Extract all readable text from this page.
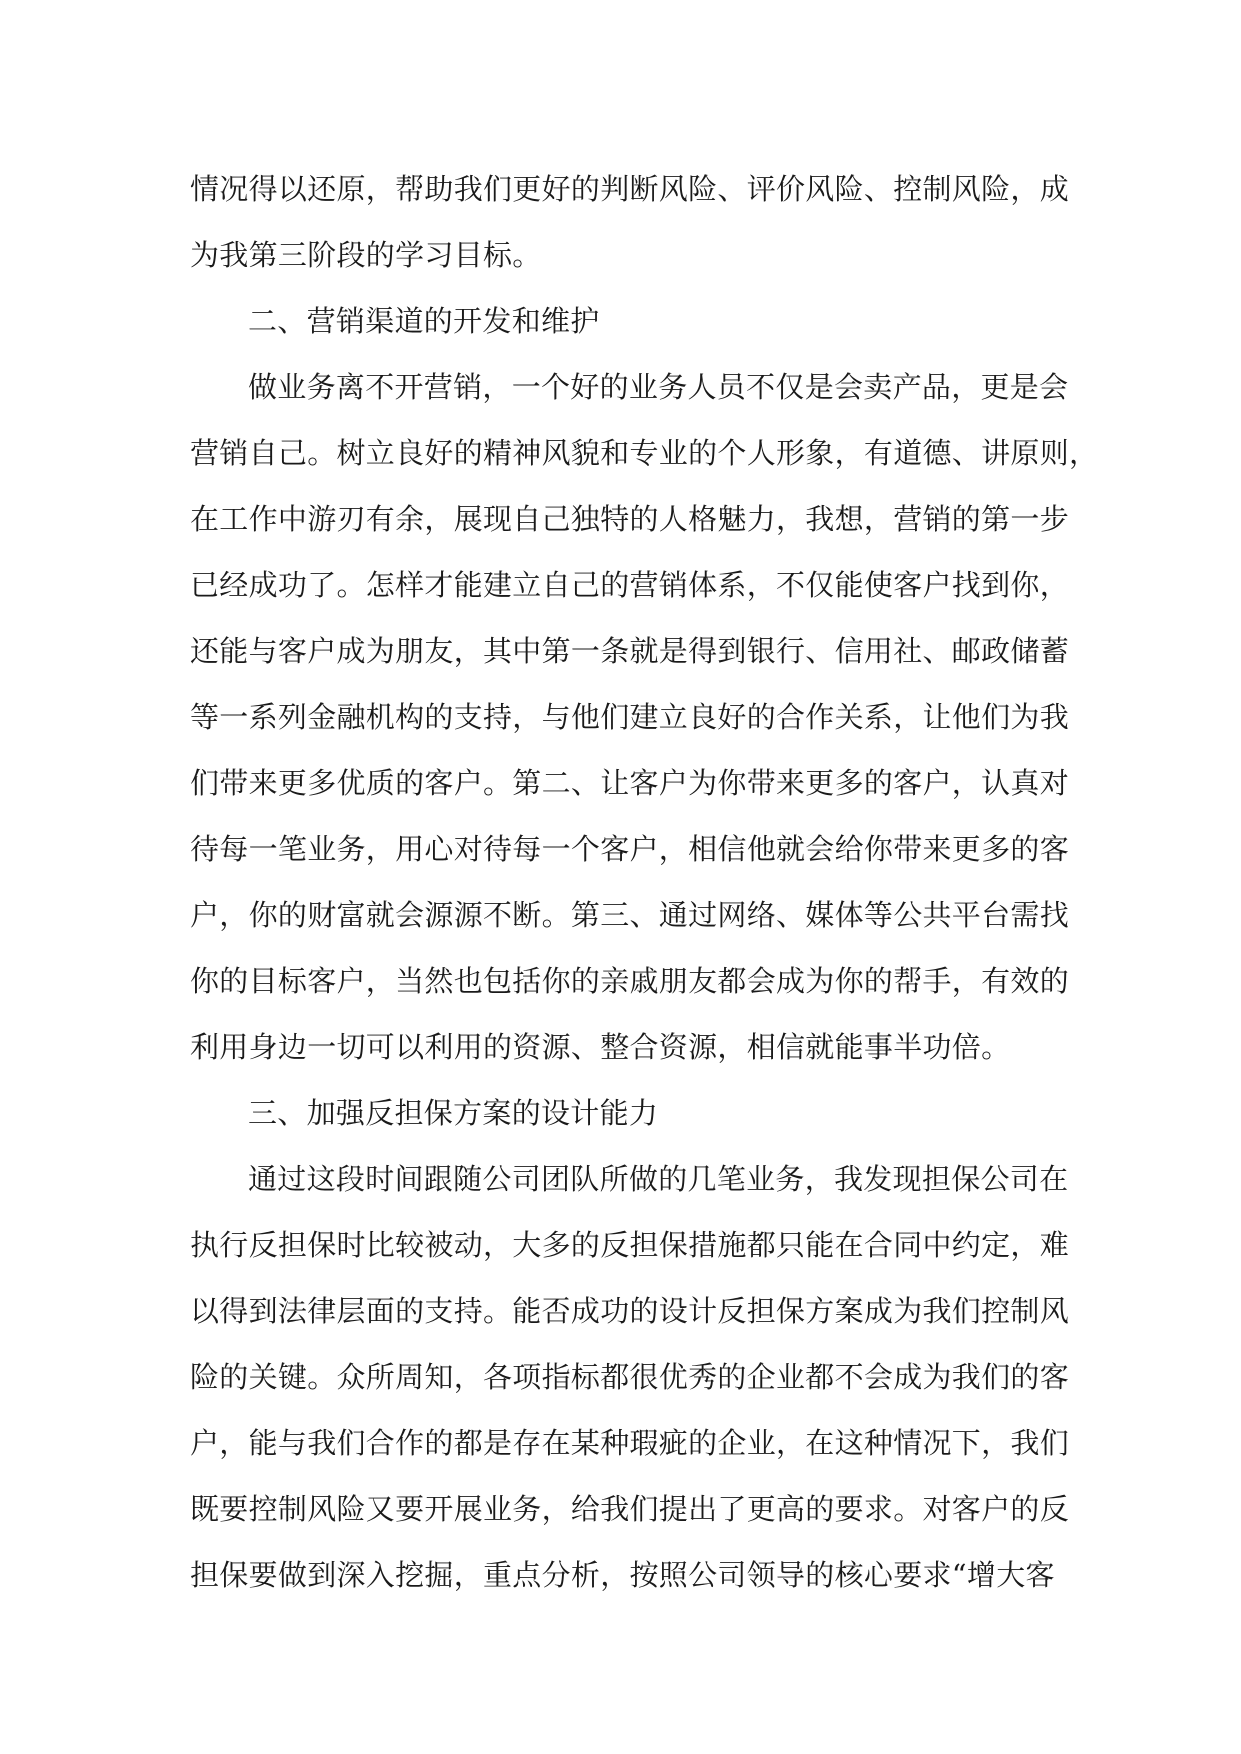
情况得以还原，帮助我们更好的判断风险、评价风险、控制风险，成
为我第三阶段的学习目标。
二、营销渠道的开发和维护
做业务离不开营销，一个好的业务人员不仅是会卖产品，更是会
营销自己。树立良好的精神风貌和专业的个人形象，有道德、讲原则，
在工作中游刃有余，展现自己独特的人格魅力，我想，营销的第一步
已经成功了。怎样才能建立自己的营销体系，不仅能使客户找到你，
还能与客户成为朋友，其中第一条就是得到银行、信用社、邮政储蓄
等一系列金融机构的支持，与他们建立良好的合作关系，让他们为我
们带来更多优质的客户。第二、让客户为你带来更多的客户，认真对
待每一笔业务，用心对待每一个客户，相信他就会给你带来更多的客
户，你的财富就会源源不断。第三、通过网络、媒体等公共平台需找
你的目标客户，当然也包括你的亲戚朋友都会成为你的帮手，有效的
利用身边一切可以利用的资源、整合资源，相信就能事半功倍。
三、加强反担保方案的设计能力
通过这段时间跟随公司团队所做的几笔业务，我发现担保公司在
执行反担保时比较被动，大多的反担保措施都只能在合同中约定，难
以得到法律层面的支持。能否成功的设计反担保方案成为我们控制风
险的关键。众所周知，各项指标都很优秀的企业都不会成为我们的客
户，能与我们合作的都是存在某种瑕疵的企业，在这种情况下，我们
既要控制风险又要开展业务，给我们提出了更高的要求。对客户的反
担保要做到深入挖掘，重点分析，按照公司领导的核心要求“增大客
